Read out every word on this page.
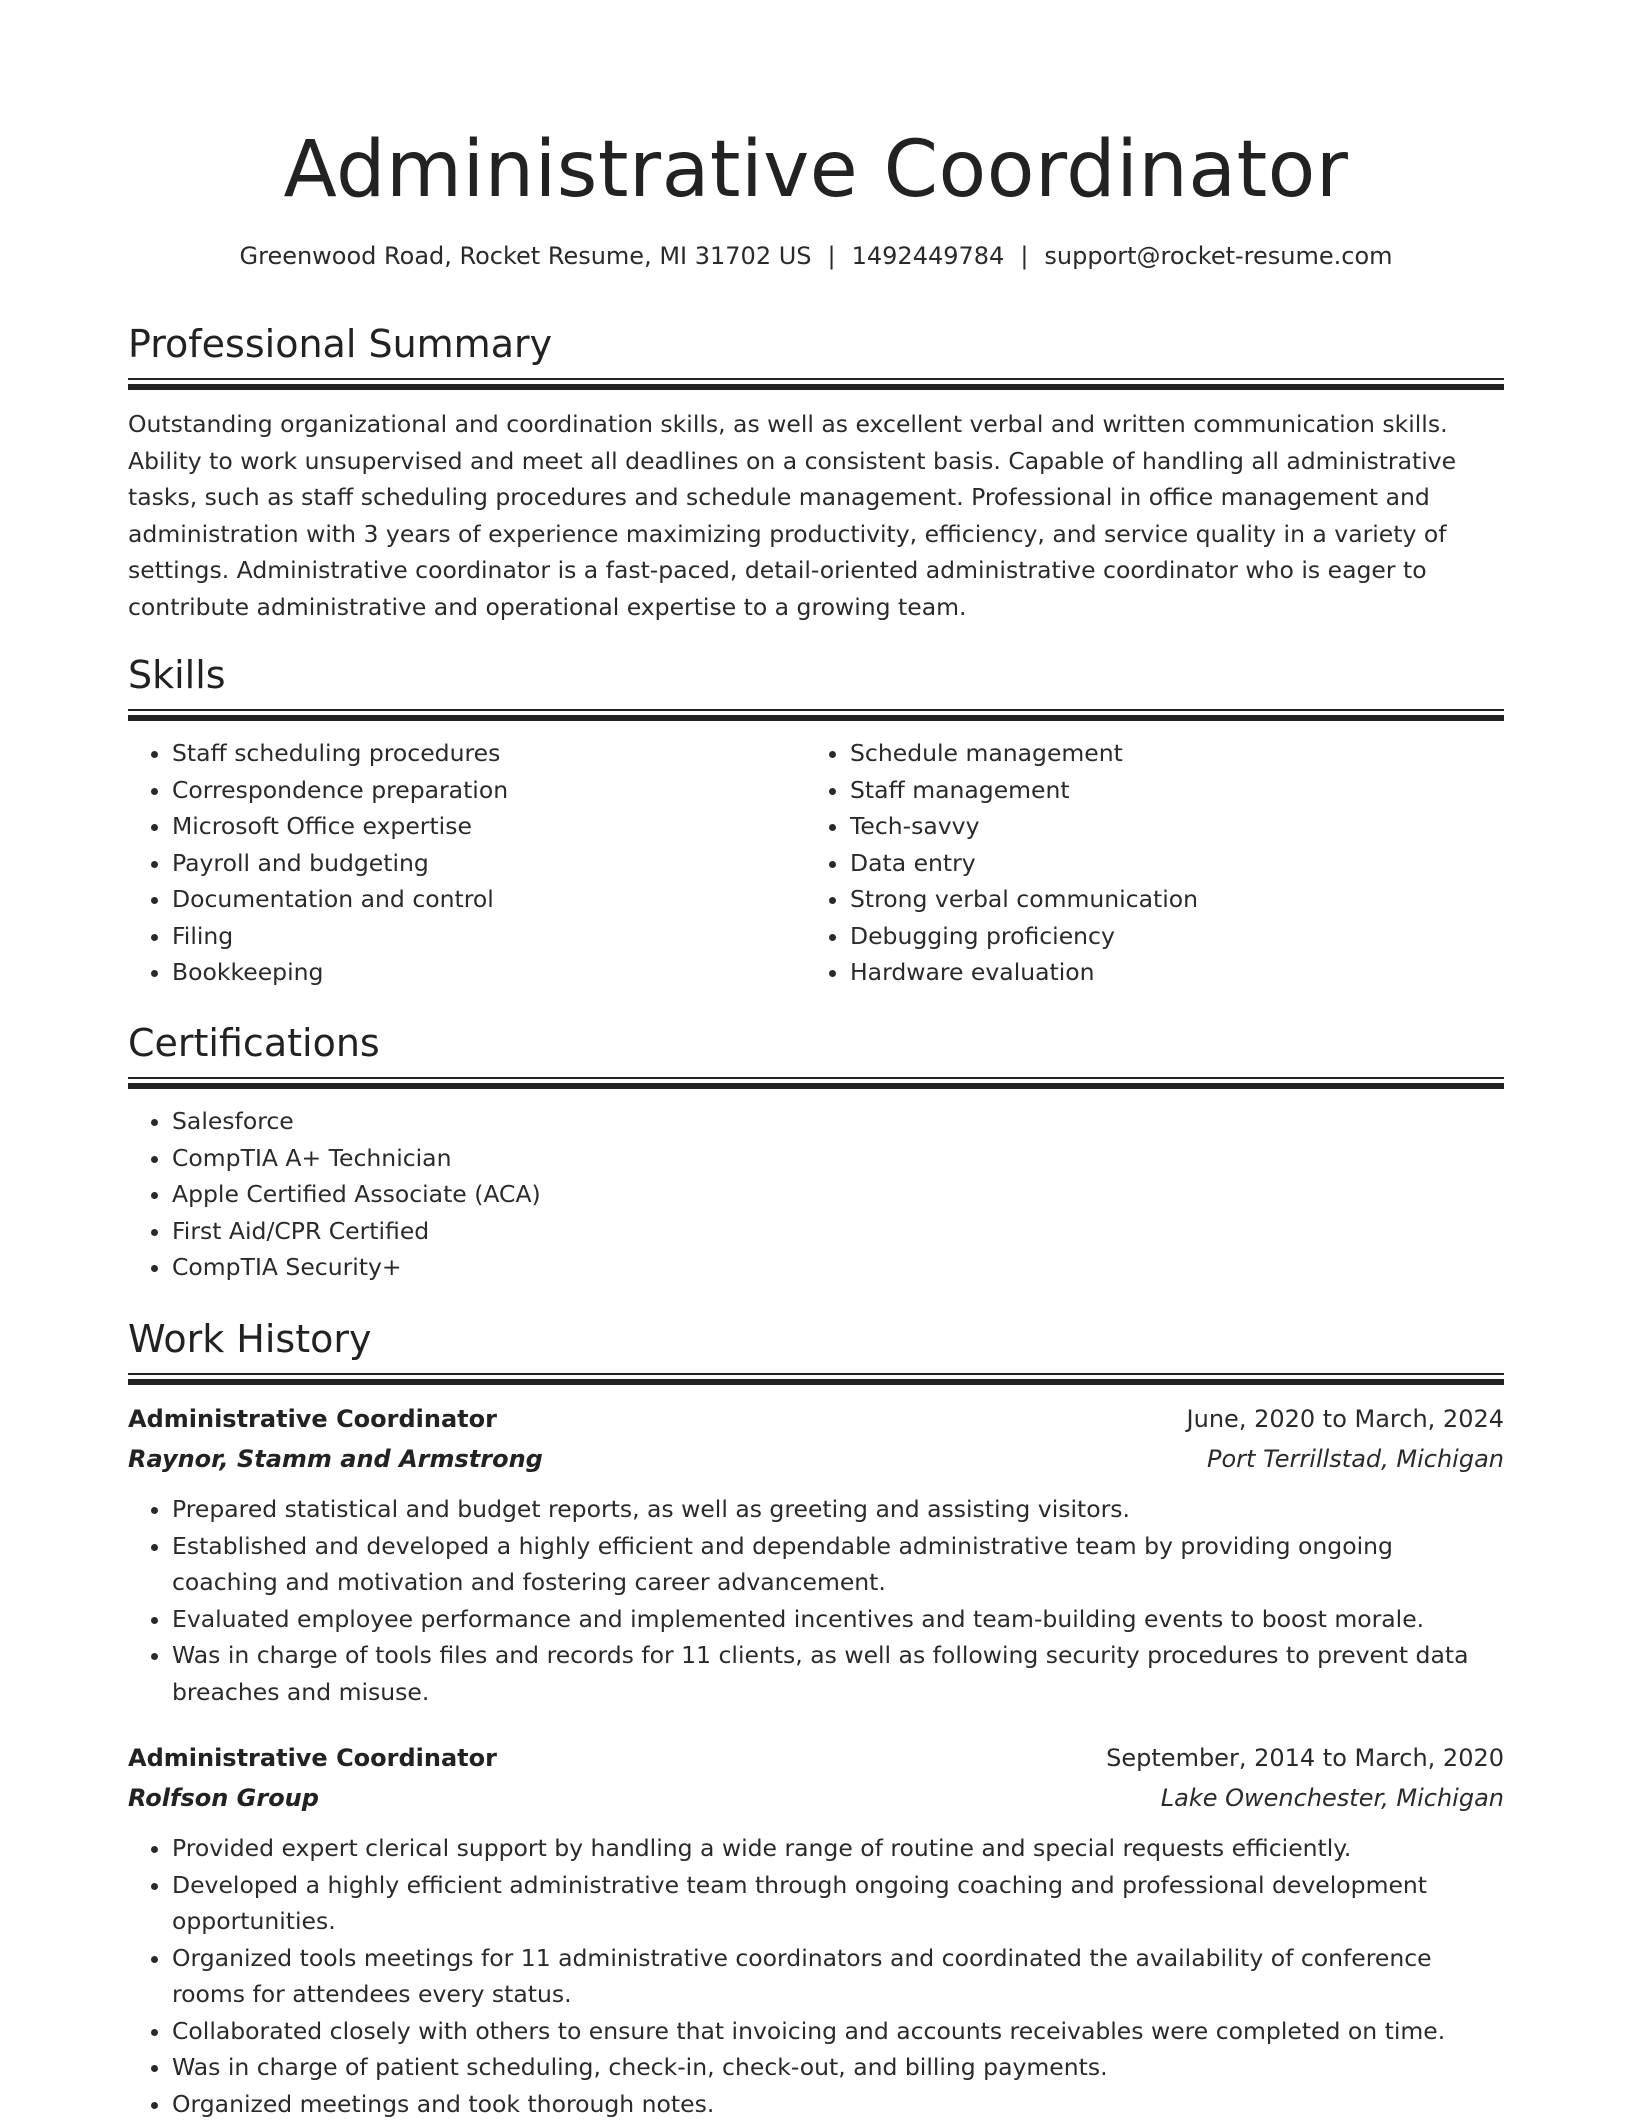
Administrative Coordinator
Greenwood Road, Rocket Resume, MI 31702 US | 1492449784 | support@rocket-resume.com
Professional Summary

Outstanding organizational and coordination skills, as well as excellent verbal and written communication skills. Ability to work unsupervised and meet all deadlines on a consistent basis. Capable of handling all administrative tasks, such as staff scheduling procedures and schedule management. Professional in office management and administration with 3 years of experience maximizing productivity, efficiency, and service quality in a variety of settings. Administrative coordinator is a fast-paced, detail-oriented administrative coordinator who is eager to contribute administrative and operational expertise to a growing team.

Skills
• Staff scheduling procedures
• Correspondence preparation
• Microsoft Office expertise
• Payroll and budgeting
• Documentation and control
• Filing
• Bookkeeping
• Schedule management
• Staff management
• Tech-savvy
• Data entry
• Strong verbal communication
• Debugging proficiency
• Hardware evaluation
Certifications
• Salesforce
• CompTIA A+ Technician
• Apple Certified Associate (ACA)
• First Aid/CPR Certified
• CompTIA Security+
Work History
Administrative Coordinator	June, 2020 to March, 2024
Raynor, Stamm and Armstrong	Port Terrillstad, Michigan
• Prepared statistical and budget reports, as well as greeting and assisting visitors.
• Established and developed a highly efficient and dependable administrative team by providing ongoing coaching and motivation and fostering career advancement.
• Evaluated employee performance and implemented incentives and team-building events to boost morale.
• Was in charge of tools files and records for 11 clients, as well as following security procedures to prevent data breaches and misuse.
Administrative Coordinator	September, 2014 to March, 2020
Rolfson Group	Lake Owenchester, Michigan
• Provided expert clerical support by handling a wide range of routine and special requests efficiently.
• Developed a highly efficient administrative team through ongoing coaching and professional development opportunities.
• Organized tools meetings for 11 administrative coordinators and coordinated the availability of conference rooms for attendees every status.
• Collaborated closely with others to ensure that invoicing and accounts receivables were completed on time.
• Was in charge of patient scheduling, check-in, check-out, and billing payments.
• Organized meetings and took thorough notes.
